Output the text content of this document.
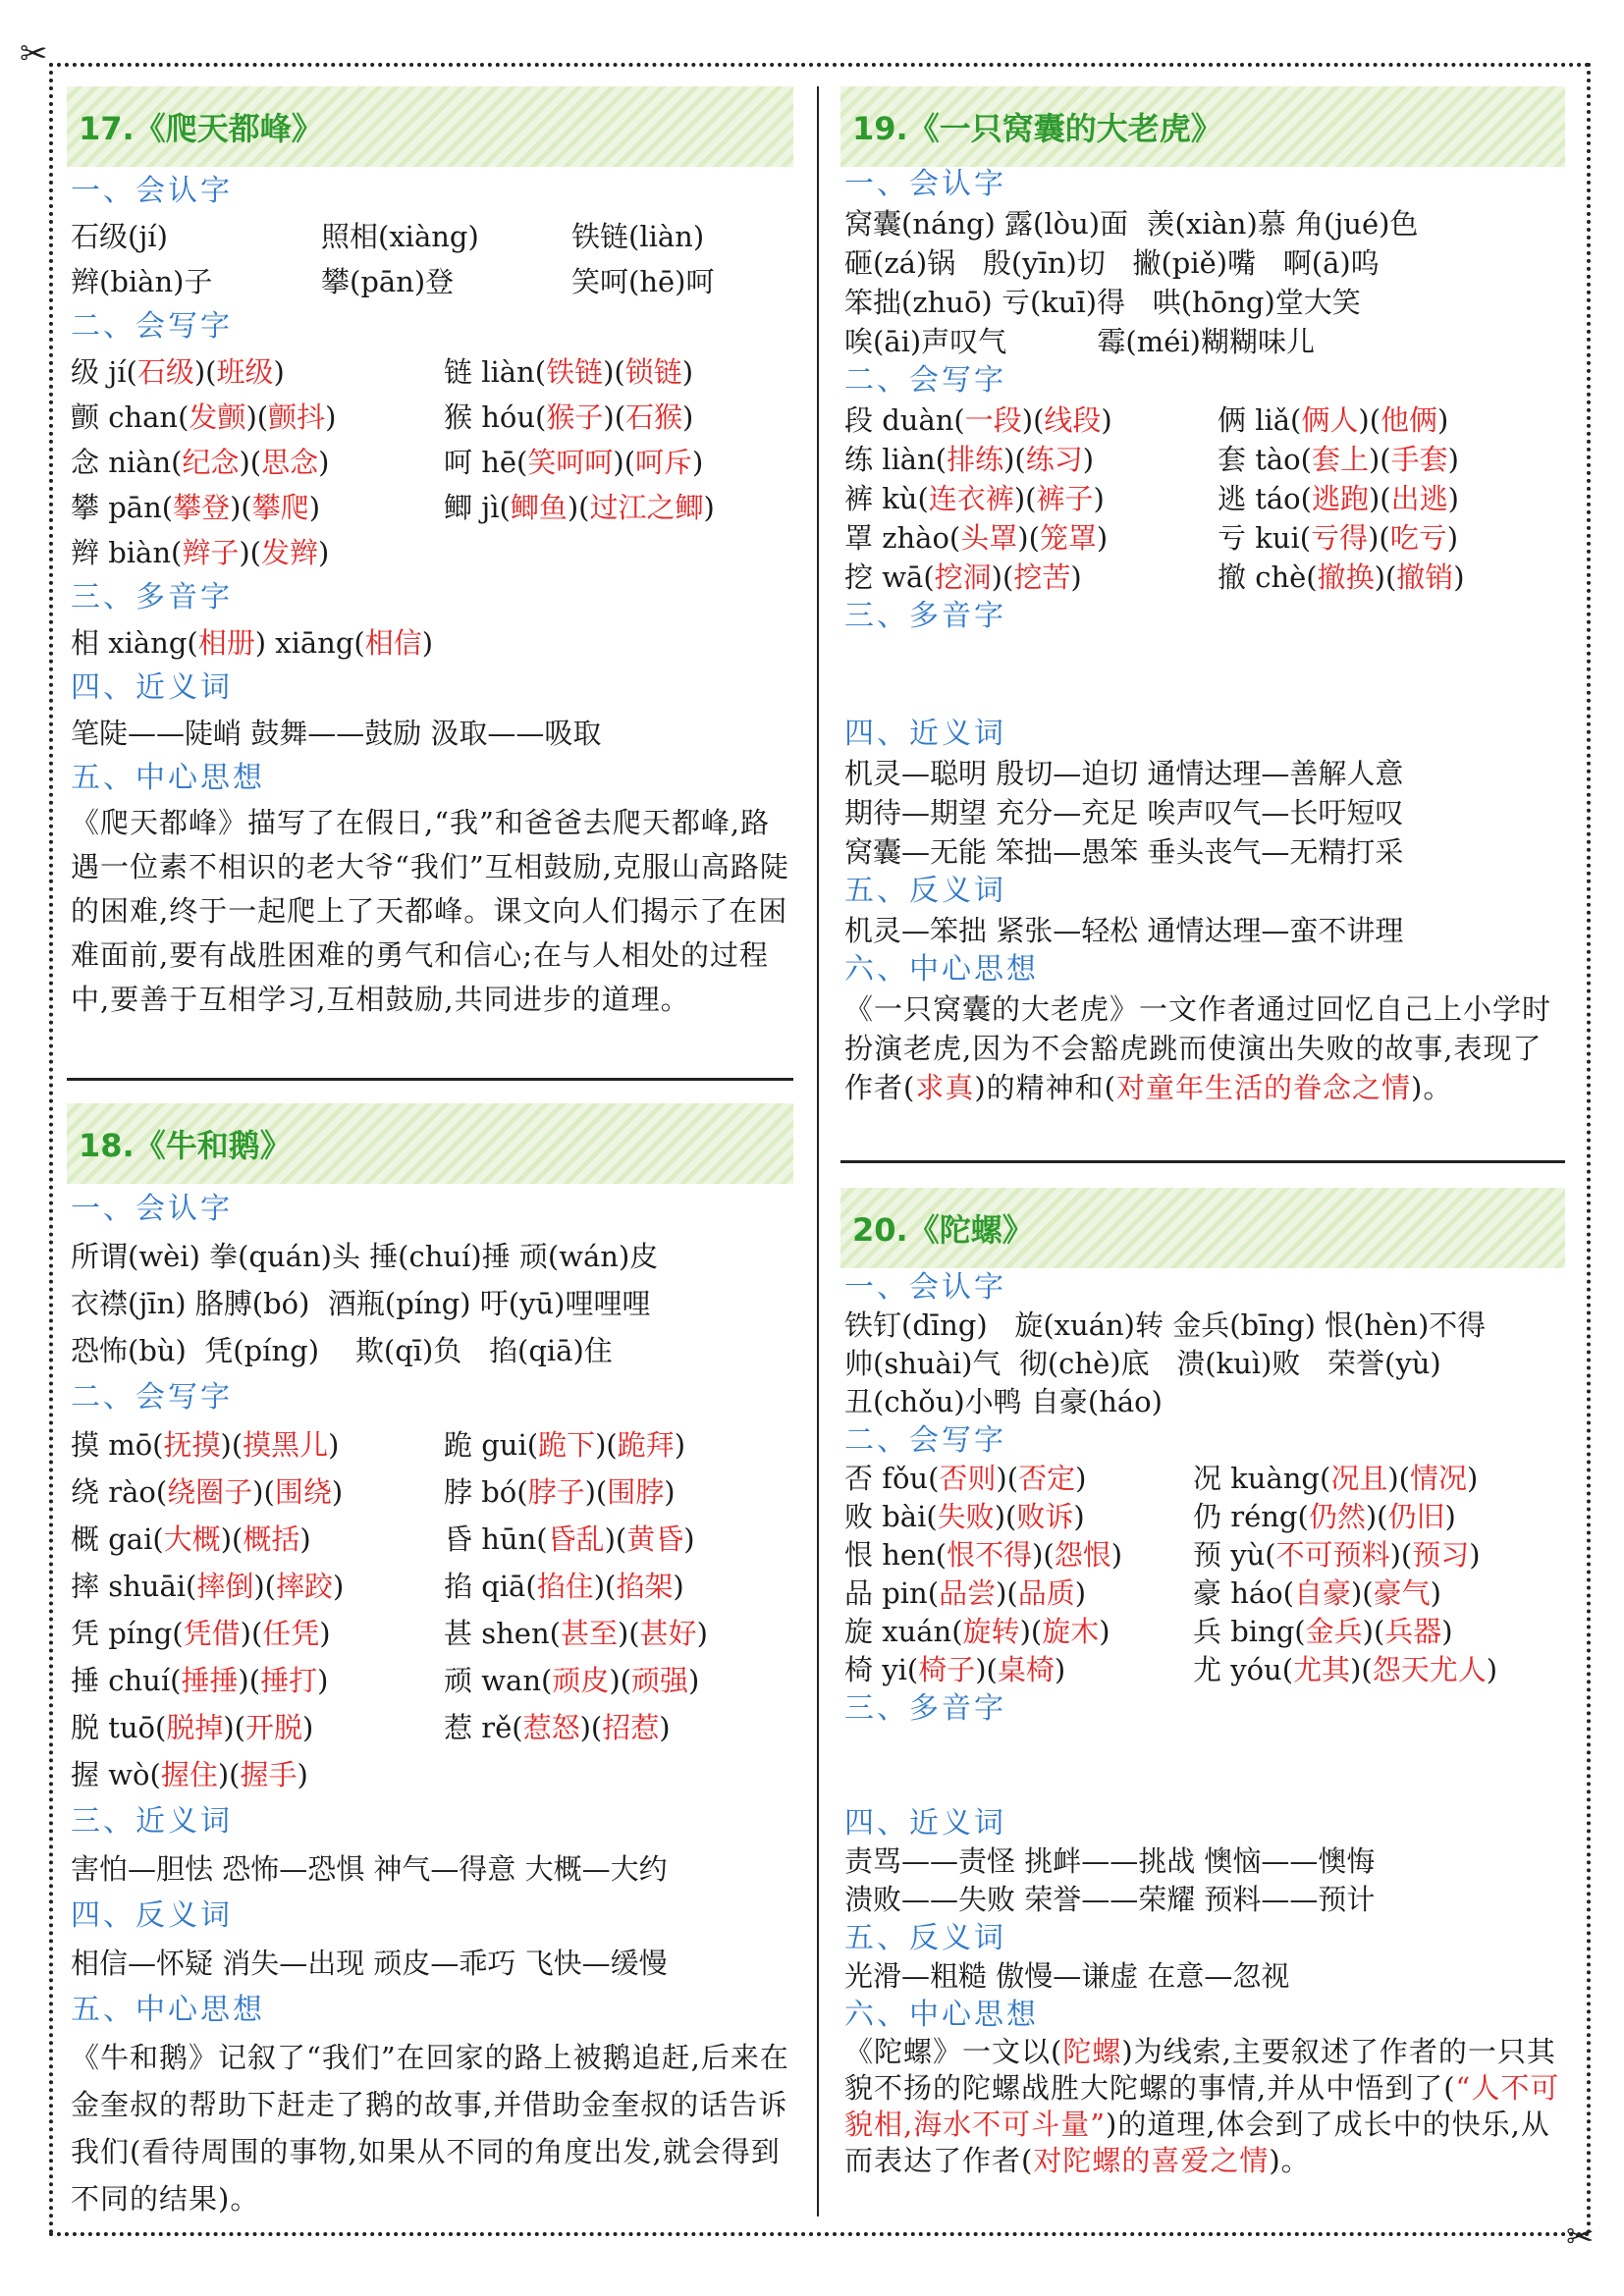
✂
✂
17.《爬天都峰》
一、会认字
石级(jí)	照相(xiàng)	铁链(liàn)
辫(biàn)子	攀(pān)登	笑呵(hē)呵
二、会写字
级 jí(石级)(班级)	链 liàn(铁链)(锁链)
颤 chan(发颤)(颤抖)	猴 hóu(猴子)(石猴)
念 niàn(纪念)(思念)	呵 hē(笑呵呵)(呵斥)
攀 pān(攀登)(攀爬)	鲫 jì(鲫鱼)(过江之鲫)
辫 biàn(辫子)(发辫)
三、多音字
相 xiàng(相册) xiāng(相信)
四、近义词
笔陡——陡峭 鼓舞——鼓励 汲取——吸取
五、中心思想
《爬天都峰》描写了在假日,“我”和爸爸去爬天都峰,路遇一位素不相识的老大爷“我们”互相鼓励,克服山高路陡的困难,终于一起爬上了天都峰。课文向人们揭示了在困难面前,要有战胜困难的勇气和信心;在与人相处的过程中,要善于互相学习,互相鼓励,共同进步的道理。
18.《牛和鹅》
一、会认字
所谓(wèi) 拳(quán)头 捶(chuí)捶 顽(wán)皮
衣襟(jīn) 胳膊(bó)  酒瓶(píng) 吁(yū)哩哩哩
恐怖(bù)  凭(píng)    欺(qī)负   掐(qiā)住
二、会写字
摸 mō(抚摸)(摸黑儿)	跪 gui(跪下)(跪拜)
绕 rào(绕圈子)(围绕)	脖 bó(脖子)(围脖)
概 gai(大概)(概括)	昏 hūn(昏乱)(黄昏)
摔 shuāi(摔倒)(摔跤)	掐 qiā(掐住)(掐架)
凭 píng(凭借)(任凭)	甚 shen(甚至)(甚好)
捶 chuí(捶捶)(捶打)	顽 wan(顽皮)(顽强)
脱 tuō(脱掉)(开脱)	惹 rě(惹怒)(招惹)
握 wò(握住)(握手)
三、近义词
害怕—胆怯 恐怖—恐惧 神气—得意 大概—大约
四、反义词
相信—怀疑 消失—出现 顽皮—乖巧 飞快—缓慢
五、中心思想
《牛和鹅》记叙了“我们”在回家的路上被鹅追赶,后来在金奎叔的帮助下赶走了鹅的故事,并借助金奎叔的话告诉我们(看待周围的事物,如果从不同的角度出发,就会得到不同的结果)。
19.《一只窝囊的大老虎》
一、会认字
窝囊(náng) 露(lòu)面  羡(xiàn)慕 角(jué)色
砸(zá)锅   殷(yīn)切   撇(piě)嘴   啊(ā)呜
笨拙(zhuō) 亏(kuī)得   哄(hōng)堂大笑
唉(āi)声叹气          霉(méi)糊糊味儿
二、会写字
段 duàn(一段)(线段)	俩 liǎ(俩人)(他俩)
练 liàn(排练)(练习)	套 tào(套上)(手套)
裤 kù(连衣裤)(裤子)	逃 táo(逃跑)(出逃)
罩 zhào(头罩)(笼罩)	亏 kui(亏得)(吃亏)
挖 wā(挖洞)(挖苦)	撤 chè(撤换)(撤销)
三、多音字

四、近义词
机灵—聪明 殷切—迫切 通情达理—善解人意
期待—期望 充分—充足 唉声叹气—长吁短叹
窝囊—无能 笨拙—愚笨 垂头丧气—无精打采
五、反义词
机灵—笨拙 紧张—轻松 通情达理—蛮不讲理
六、中心思想
《一只窝囊的大老虎》一文作者通过回忆自己上小学时扮演老虎,因为不会豁虎跳而使演出失败的故事,表现了作者(求真)的精神和(对童年生活的眷念之情)。
20.《陀螺》
一、会认字
铁钉(dīng)   旋(xuán)转 金兵(bīng) 恨(hèn)不得
帅(shuài)气  彻(chè)底   溃(kuì)败   荣誉(yù)
丑(chǒu)小鸭 自豪(háo)
二、会写字
否 fǒu(否则)(否定)	况 kuàng(况且)(情况)
败 bài(失败)(败诉)	仍 réng(仍然)(仍旧)
恨 hen(恨不得)(怨恨) 预 yù(不可预料)(预习)
品 pin(品尝)(品质)	豪 háo(自豪)(豪气)
旋 xuán(旋转)(旋木)	兵 bing(金兵)(兵器)
椅 yi(椅子)(桌椅)	尤 yóu(尤其)(怨天尤人)
三、多音字

四、近义词
责骂——责怪 挑衅——挑战 懊恼——懊悔
溃败——失败 荣誉——荣耀 预料——预计
五、反义词
光滑—粗糙 傲慢—谦虚 在意—忽视
六、中心思想
《陀螺》一文以(陀螺)为线索,主要叙述了作者的一只其貌不扬的陀螺战胜大陀螺的事情,并从中悟到了(“人不可貌相,海水不可斗量”)的道理,体会到了成长中的快乐,从而表达了作者(对陀螺的喜爱之情)。
